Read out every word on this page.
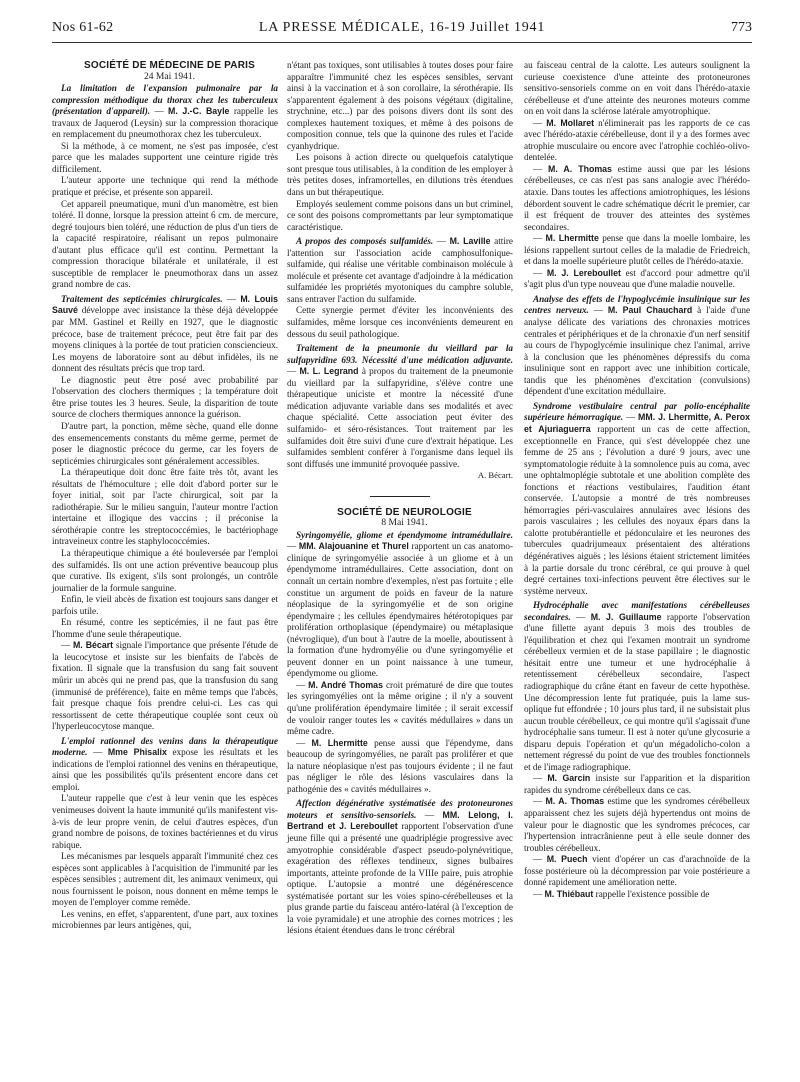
Nos 61-62	LA PRESSE MÉDICALE, 16-19 Juillet 1941	773

SOCIÉTÉ DE MÉDECINE DE PARIS

24 Mai 1941.

La limitation de l'expansion pulmonaire par la compression méthodique du thorax chez les tuberculeux (présentation d'appareil). — M. J.-C. Bayle rappelle les travaux de Jaquerod (Leysin) sur la compression thoracique en remplacement du pneumothorax chez les tuberculeux.

Si la méthode, à ce moment, ne s'est pas imposée, c'est parce que les malades supportent une ceinture rigide très difficilement.

L'auteur apporte une technique qui rend la méthode pratique et précise, et présente son appareil.

Cet appareil pneumatique, muni d'un manomètre, est bien toléré. Il donne, lorsque la pression atteint 6 cm. de mercure, degré toujours bien toléré, une réduction de plus d'un tiers de la capacité respiratoire, réalisant un repos pulmonaire d'autant plus efficace qu'il est continu. Permettant la compression thoracique bilatérale et unilatérale, il est susceptible de remplacer le pneumothorax dans un assez grand nombre de cas.

Traitement des septicémies chirurgicales. — M. Louis Sauvé développe avec insistance la thèse déjà développée par MM. Gastinel et Reilly en 1927, que le diagnostic précoce, base de traitement précoce, peut être fait par des moyens cliniques à la portée de tout praticien consciencieux. Les moyens de laboratoire sont au début infidèles, ils ne donnent des résultats précis que trop tard.

Le diagnostic peut être posé avec probabilité par l'observation des clochers thermiques ; la température doit être prise toutes les 3 heures. Seule, la disparition de toute source de clochers thermiques annonce la guérison.

D'autre part, la ponction, même sèche, quand elle donne des ensemencements constants du même germe, permet de poser le diagnostic précoce du germe, car les foyers de septicémies chirurgicales sont généralement accessibles.

La thérapeutique doit donc être faite très tôt, avant les résultats de l'hémoculture ; elle doit d'abord porter sur le foyer initial, soit par l'acte chirurgical, soit par la radiothérapie. Sur le milieu sanguin, l'auteur montre l'action intertaine et illogique des vaccins ; il préconise la sérothérapie contre les streptococcémies, le bactériophage intraveineux contre les staphylococcémies.

La thérapeutique chimique a été bouleversée par l'emploi des sulfamidés. Ils ont une action préventive beaucoup plus que curative. Ils exigent, s'ils sont prolongés, un contrôle journalier de la formule sanguine.

Enfin, le vieil abcès de fixation est toujours sans danger et parfois utile.

En résumé, contre les septicémies, il ne faut pas être l'homme d'une seule thérapeutique.

— M. Bécart signale l'importance que présente l'étude de la leucocytose et insiste sur les bienfaits de l'abcès de fixation. Il signale que la transfusion du sang fait souvent mûrir un abcès qui ne prend pas, que la transfusion du sang (immunisé de préférence), faite en même temps que l'abcès, fait presque chaque fois prendre celui-ci. Les cas qui ressortissent de cette thérapeutique couplée sont ceux où l'hyperleucocytose manque.

L'emploi rationnel des venins dans la thérapeutique moderne. — Mme Phisalix expose les résultats et les indications de l'emploi rationnel des venins en thérapeutique, ainsi que les possibilités qu'ils présentent encore dans cet emploi.

L'auteur rappelle que c'est à leur venin que les espèces venimeuses doivent la haute immunité qu'ils manifestent vis-à-vis de leur propre venin, de celui d'autres espèces, d'un grand nombre de poisons, de toxines bactériennes et du virus rabique.

Les mécanismes par lesquels apparaît l'immunité chez ces espèces sont applicables à l'acquisition de l'immunité par les espèces sensibles ; autrement dit, les animaux venimeux, qui nous fournissent le poison, nous donnent en même temps le moyen de l'employer comme remède.

Les venins, en effet, s'apparentent, d'une part, aux toxines microbiennes par leurs antigènes, qui,

n'étant pas toxiques, sont utilisables à toutes doses pour faire apparaître l'immunité chez les espèces sensibles, servant ainsi à la vaccination et à son corollaire, la sérothérapie. Ils s'apparentent également à des poisons végétaux (digitaline, strychnine, etc...) par des poisons divers dont ils sont des complexes hautement toxiques, et même à des poisons de composition connue, tels que la quinone des rules et l'acide cyanhydrique.

Les poisons à action directe ou quelquefois catalytique sont presque tous utilisables, à la condition de les employer à très petites doses, inframortelles, en dilutions très étendues dans un but thérapeutique.

Employés seulement comme poisons dans un but criminel, ce sont des poisons compromettants par leur symptomatique caractéristique.

A propos des composés sulfamidés. — M. Laville attire l'attention sur l'association acide camphosulfonique-sulfamide, qui réalise une véritable combinaison molécule à molécule et présente cet avantage d'adjoindre à la médication sulfamidée les propriétés myotoniques du camphre soluble, sans entraver l'action du sulfamide.

Cette synergie permet d'éviter les inconvénients des sulfamides, même lorsque ces inconvénients demeurent en dessous du seuil pathologique.

Traitement de la pneumonie du vieillard par la sulfapyridine 693. Nécessité d'une médication adjuvante. — M. L. Legrand à propos du traitement de la pneumonie du vieillard par la sulfapyridine, s'élève contre une thérapeutique uniciste et montre la nécessité d'une médication adjuvante variable dans ses modalités et avec chaque spécialité. Cette association peut éviter des sulfamido- et séro-résistances. Tout traitement par les sulfamides doit être suivi d'une cure d'extrait hépatique. Les sulfamides semblent conférer à l'organisme dans lequel ils sont diffusés une immunité provoquée passive.

A. Bécart.

SOCIÉTÉ DE NEUROLOGIE

8 Mai 1941.

Syringomyélie, gliome et épendymome intramédullaire. — MM. Alajouanine et Thurel rapportent un cas anatomo-clinique de syringomyélie associée à un gliome et à un épendymome intramédullaires. Cette association, dont on connaît un certain nombre d'exemples, n'est pas fortuite ; elle constitue un argument de poids en faveur de la nature néoplasique de la syringomyélie et de son origine épendymaire ; les cellules épendymaires hétérotopiques par prolifération orthoplasique (épendymaire) ou métaplasique (névroglique), d'un bout à l'autre de la moelle, aboutissent à la formation d'une hydromyélie ou d'une syringomyélie et peuvent donner en un point naissance à une tumeur, épendymome ou gliome.

— M. André Thomas croit prématuré de dire que toutes les syringomyélies ont la même origine ; il n'y a souvent qu'une prolifération épendymaire limitée ; il serait excessif de vouloir ranger toutes les « cavités médullaires » dans un même cadre.

— M. Lhermitte pense aussi que l'épendyme, dans beaucoup de syringomyélies, ne paraît pas proliférer et que la nature néoplasique n'est pas toujours évidente ; il ne faut pas négliger le rôle des lésions vasculaires dans la pathogénie des « cavités médullaires ».

Affection dégénérative systématisée des protoneurones moteurs et sensitivo-sensoriels. — MM. Lelong, I. Bertrand et J. Lereboullet rapportent l'observation d'une jeune fille qui a présenté une quadriplégie progressive avec amyotrophie considérable d'aspect pseudo-polynévritique, exagération des réflexes tendineux, signes bulbaires importants, atteinte profonde de la VIIIe paire, puis atrophie optique. L'autopsie a montré une dégénérescence systématisée portant sur les voies spino-cérébelleuses et la plus grande partie du faisceau antéro-latéral (à l'exception de la voie pyramidale) et une atrophie des cornes motrices ; les lésions étaient étendues dans le tronc cérébral

au faisceau central de la calotte. Les auteurs soulignent la curieuse coexistence d'une atteinte des protoneurones sensitivo-sensoriels comme on en voit dans l'hérédo-ataxie cérébelleuse et d'une atteinte des neurones moteurs comme on en voit dans la sclérose latérale amyotrophique.

— M. Mollaret n'éliminerait pas les rapports de ce cas avec l'hérédo-ataxie cérébelleuse, dont il y a des formes avec atrophie musculaire ou encore avec l'atrophie cochléo-olivo-dentelée.

— M. A. Thomas estime aussi que par les lésions cérébelleuses, ce cas n'est pas sans analogie avec l'hérédo-ataxie. Dans toutes les affections amiotrophiques, les lésions débordent souvent le cadre schématique décrit le premier, car il est fréquent de trouver des atteintes des systèmes secondaires.

— M. Lhermitte pense que dans la moelle lombaire, les lésions rappellent surtout celles de la maladie de Friedreich, et dans la moelle supérieure plutôt celles de l'hérédo-ataxie.

— M. J. Lereboullet est d'accord pour admettre qu'il s'agit plus d'un type nouveau que d'une maladie nouvelle.

Analyse des effets de l'hypoglycémie insulinique sur les centres nerveux. — M. Paul Chauchard à l'aide d'une analyse délicate des variations des chronaxies motrices centrales et périphériques et de la chronaxie d'un nerf sensitif au cours de l'hypoglycémie insulinique chez l'animal, arrive à la conclusion que les phénomènes dépressifs du coma insulinique sont en rapport avec une inhibition corticale, tandis que les phénomènes d'excitation (convulsions) dépendent d'une excitation médullaire.

Syndrome vestibulaire central par polio-encéphalite supérieure hémorragique. — MM. J. Lhermitte, A. Perox et Ajuriaguerra rapportent un cas de cette affection, exceptionnelle en France, qui s'est développée chez une femme de 25 ans ; l'évolution a duré 9 jours, avec une symptomatologie réduite à la somnolence puis au coma, avec une ophtalmoplégie subtotale et une abolition complète des fonctions et réactions vestibulaires, l'audition étant conservée. L'autopsie a montré de très nombreuses hémorragies péri-vasculaires annulaires avec lésions des parois vasculaires ; les cellules des noyaux épars dans la calotte protubérantielle et pédonculaire et les neurones des tubercules quadrijumeaux présentaient des altérations dégénératives aiguës ; les lésions étaient strictement limitées à la partie dorsale du tronc cérébral, ce qui prouve à quel degré certaines toxi-infections peuvent être électives sur le système nerveux.

Hydrocéphalie avec manifestations cérébelleuses secondaires. — M. J. Guillaume rapporte l'observation d'une fillette ayant depuis 3 mois des troubles de l'équilibration et chez qui l'examen montrait un syndrome cérébelleux vermien et de la stase papillaire ; le diagnostic hésitait entre une tumeur et une hydrocéphalie à retentissement cérébelleux secondaire, l'aspect radiographique du crâne étant en faveur de cette hypothèse. Une décompression lente fut pratiquée, puis la lame sus-oplique fut effondrée ; 10 jours plus tard, il ne subsistait plus aucun trouble cérébelleux, ce qui montre qu'il s'agissait d'une hydrocéphalie sans tumeur. Il est à noter qu'une glycosurie a disparu depuis l'opération et qu'un mégadolicho-colon a nettement régressé du point de vue des troubles fonctionnels et de l'image radiographique.

— M. Garcin insiste sur l'apparition et la disparition rapides du syndrome cérébelleux dans ce cas.

— M. A. Thomas estime que les syndromes cérébelleux apparaissent chez les sujets déjà hypertendus ont moins de valeur pour le diagnostic que les syndromes précoces, car l'hypertension intracrânienne peut à elle seule donner des troubles cérébelleux.

— M. Puech vient d'opérer un cas d'arachnoïde de la fosse postérieure où la décompression par voie postérieure a donné rapidement une amélioration nette.

— M. Thiébaut rappelle l'existence possible de
